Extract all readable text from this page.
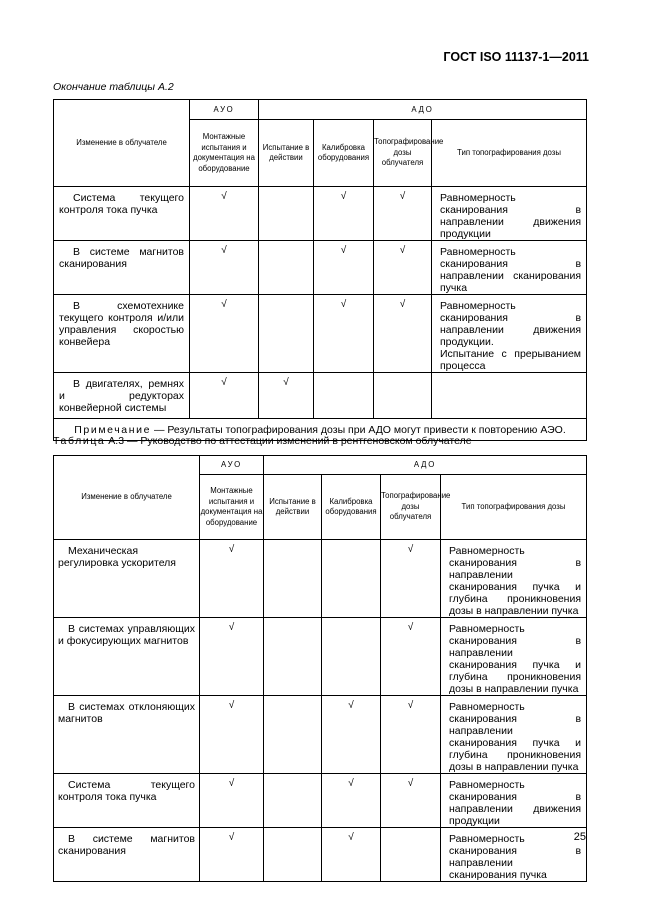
ГОСТ ISO 11137-1—2011
Окончание таблицы А.2
Изменение в облучателе	АУО	АДО			
	Монтажные испытания и документация на оборудование	Испытание в действии	Калибровка оборудования	Топографирование дозы облучателя	Тип топографирования дозы
Система текущего контроля тока пучка	√		√	√	Равномерность сканирования в направлении движения продукции

В системе магнитов сканирования	√		√	√	Равномерность сканирования в направлении сканирования пучка

В схемотехнике текущего контроля и/или управления скоростью конвейера	√		√	√	Равномерность сканирования в направлении движения продукции.
Испытание с прерыванием процесса

В двигателях, ремнях и редукторах конвейерной системы	√	√			

Примечание — Результаты топографирования дозы при АДО могут привести к повторению АЭО.					
Таблица А.3 — Руководство по аттестации изменений в рентгеновском облучателе
Изменение в облучателе	АУО	АДО			
	Монтажные испытания и документация на оборудование	Испытание в действии	Калибровка оборудования	Топографирование дозы облучателя	Тип топографирования дозы
Механическая регулировка ускорителя	√			√	Равномерность сканирования в направлении сканирования пучка и глубина проникновения дозы в направлении пучка

В системах управляющих и фокусирующих магнитов	√			√	Равномерность сканирования в направлении сканирования пучка и глубина проникновения дозы в направлении пучка

В системах отклоняющих магнитов	√		√	√	Равномерность сканирования в направлении сканирования пучка и глубина проникновения дозы в направлении пучка

Система текущего контроля тока пучка	√		√	√	Равномерность сканирования в направлении движения продукции

В системе магнитов сканирования	√		√		Равномерность сканирования в направлении сканирования пучка
25
